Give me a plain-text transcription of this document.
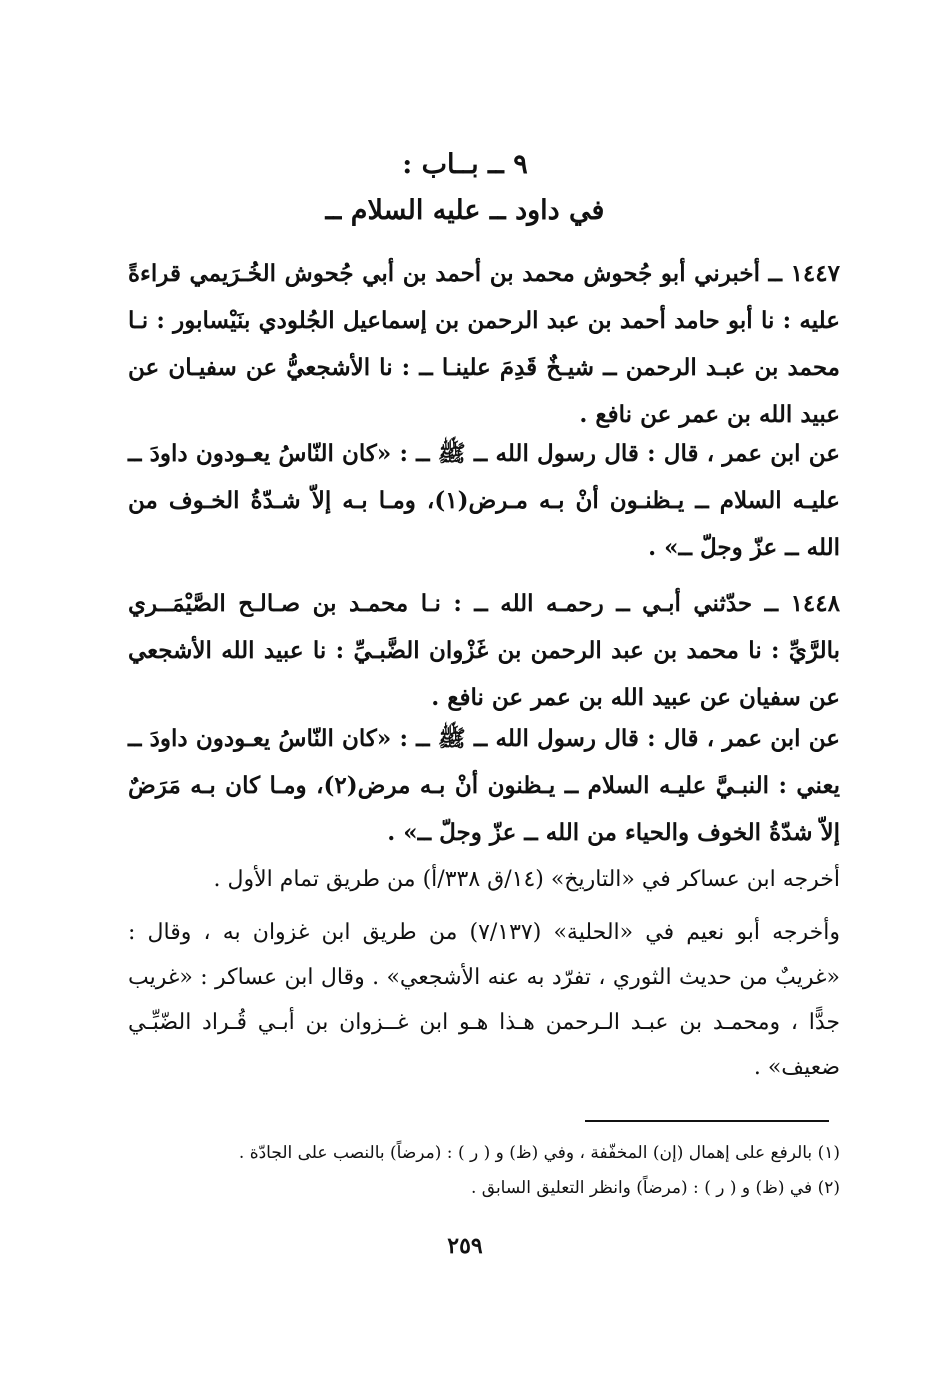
٩ ــ بــاب :
في داود ــ عليه السلام ــ
١٤٤٧ ــ أخبرني أبو جُحوش محمد بن أحمد بن أبي جُحوش الخُـرَيمي قراءةً عليه : نا أبو حامد أحمد بن عبد الرحمن بن إسماعيل الجُلودي بنَيْسابور : نـا محمد بن عبـد الرحمن ــ شيـخٌ قَدِمَ علينـا ــ : نا الأشجعيُّ عن سفيـان عن عبيد الله بن عمر عن نافع .
عن ابن عمر ، قال : قال رسول الله ــ ﷺ ــ : «كان النّاسُ يعـودون داودَ ــ عليـه السلام ــ يـظنـون أنْ بـه مـرض(١)، ومـا بـه إلاّ شـدّةُ الخـوف من الله ــ عزّ وجلّ ــ» .
١٤٤٨ ــ حدّثني أبـي ــ رحمـه الله ــ : نـا محمـد بن صـالـح الصَّيْمَــري بالرَّيِّ : نا محمد بن عبد الرحمن بن غَزْوان الضَّبـيِّ : نا عبيد الله الأشجعي عن سفيان عن عبيد الله بن عمر عن نافع .
عن ابن عمر ، قال : قال رسول الله ــ ﷺ ــ : «كان النّاسُ يعـودون داودَ ــ يعني : النبـيَّ عليـه السلام ــ يـظنون أنْ بـه مرض(٢)، ومـا كان بـه مَرَضٌ إلاّ شدّةُ الخوف والحياء من الله ــ عزّ وجلّ ــ» .
أخرجه ابن عساكر في «التاريخ» (١٤/ق ٣٣٨/أ) من طريق تمام الأول .
وأخرجه أبو نعيم في «الحلية» (٧/١٣٧) من طريق ابن غزوان به ، وقال : «غريبٌ من حديث الثوري ، تفرّد به عنه الأشجعي» . وقال ابن عساكر : «غريب جدًّا ، ومحمـد بن عبـد الـرحمن هـذا هـو ابن غــزوان بن أبـي قُـراد الضّبِّـي ضعيف» .
(١) بالرفع على إهمال (إن) المخفّفة ، وفي (ظ) و ( ر ) : (مرضاً) بالنصب على الجادّة .
(٢) في (ظ) و ( ر ) : (مرضاً) وانظر التعليق السابق .
٢٥٩
